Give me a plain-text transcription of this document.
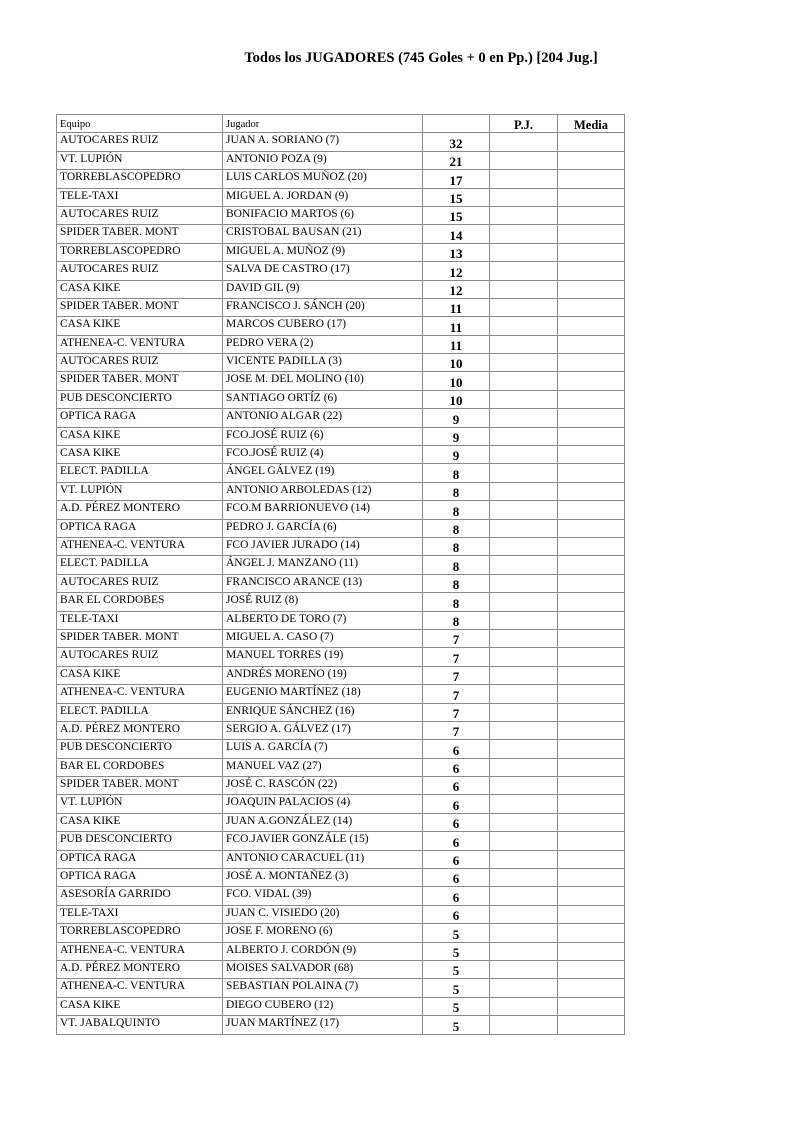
Todos los JUGADORES (745 Goles + 0 en Pp.) [204 Jug.]
Equipo	Jugador		P.J.	Media
AUTOCARES RUIZ	JUAN A. SORIANO (7)	32		
VT. LUPIÓN	ANTONIO POZA (9)	21		
TORREBLASCOPEDRO	LUIS CARLOS MUÑOZ (20)	17		
TELE-TAXI	MIGUEL A. JORDAN (9)	15		
AUTOCARES RUIZ	BONIFACIO MARTOS (6)	15		
SPIDER TABER. MONT	CRISTOBAL BAUSAN (21)	14		
TORREBLASCOPEDRO	MIGUEL A. MUÑOZ (9)	13		
AUTOCARES RUIZ	SALVA DE CASTRO (17)	12		
CASA KIKE	DAVID GIL (9)	12		
SPIDER TABER. MONT	FRANCISCO J. SÁNCH (20)	11		
CASA KIKE	MARCOS CUBERO (17)	11		
ATHENEA-C. VENTURA	PEDRO VERA (2)	11		
AUTOCARES RUIZ	VICENTE PADILLA (3)	10		
SPIDER TABER. MONT	JOSE M. DEL MOLINO (10)	10		
PUB DESCONCIERTO	SANTIAGO ORTÍZ (6)	10		
OPTICA RAGA	ANTONIO ALGAR (22)	9		
CASA KIKE	FCO.JOSÉ RUIZ (6)	9		
CASA KIKE	FCO.JOSÉ RUIZ (4)	9		
ELECT. PADILLA	ÁNGEL GÁLVEZ (19)	8		
VT. LUPIÓN	ANTONIO ARBOLEDAS (12)	8		
A.D. PÉREZ MONTERO	FCO.M BARRIONUEVO (14)	8		
OPTICA RAGA	PEDRO J. GARCÍA (6)	8		
ATHENEA-C. VENTURA	FCO JAVIER JURADO (14)	8		
ELECT. PADILLA	ÁNGEL J. MANZANO (11)	8		
AUTOCARES RUIZ	FRANCISCO ARANCE (13)	8		
BAR EL CORDOBES	JOSÉ RUIZ (8)	8		
TELE-TAXI	ALBERTO DE TORO (7)	8		
SPIDER TABER. MONT	MIGUEL A. CASO (7)	7		
AUTOCARES RUIZ	MANUEL TORRES (19)	7		
CASA KIKE	ANDRÉS MORENO (19)	7		
ATHENEA-C. VENTURA	EUGENIO MARTÍNEZ (18)	7		
ELECT. PADILLA	ENRIQUE SÁNCHEZ (16)	7		
A.D. PÉREZ MONTERO	SERGIO A. GÁLVEZ (17)	7		
PUB DESCONCIERTO	LUIS A. GARCÍA (7)	6		
BAR EL CORDOBES	MANUEL VAZ (27)	6		
SPIDER TABER. MONT	JOSÉ C. RASCÓN (22)	6		
VT. LUPIÓN	JOAQUIN PALACIOS (4)	6		
CASA KIKE	JUAN A.GONZÁLEZ (14)	6		
PUB DESCONCIERTO	FCO.JAVIER GONZÁLE (15)	6		
OPTICA RAGA	ANTONIO CARACUEL (11)	6		
OPTICA RAGA	JOSÉ A. MONTAÑEZ (3)	6		
ASESORÍA GARRIDO	FCO. VIDAL (39)	6		
TELE-TAXI	JUAN C. VISIEDO (20)	6		
TORREBLASCOPEDRO	JOSE F. MORENO (6)	5		
ATHENEA-C. VENTURA	ALBERTO J. CORDÓN (9)	5		
A.D. PÉREZ MONTERO	MOISES SALVADOR (68)	5		
ATHENEA-C. VENTURA	SEBASTIAN POLAINA (7)	5		
CASA KIKE	DIEGO CUBERO (12)	5		
VT. JABALQUINTO	JUAN MARTÍNEZ (17)	5		
